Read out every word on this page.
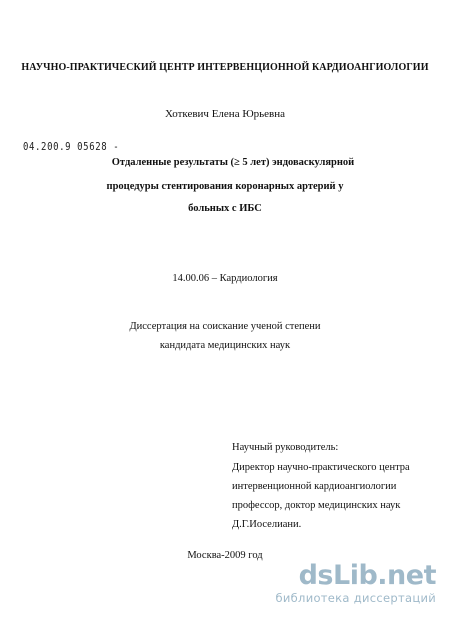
НАУЧНО-ПРАКТИЧЕСКИЙ ЦЕНТР ИНТЕРВЕНЦИОННОЙ КАРДИОАНГИОЛОГИИ
Хоткевич Елена Юрьевна
04.200.9 05628 -
Отдаленные результаты (≥ 5 лет) эндоваскулярной
процедуры стентирования коронарных артерий у
больных с ИБС
14.00.06 – Кардиология
Диссертация на соискание ученой степени
кандидата медицинских наук
Научный руководитель:
Директор научно-практического центра
интервенционной кардиоангиологии
профессор, доктор медицинских наук
Д.Г.Иоселиани.
Москва-2009 год
dsLib.net
библиотека диссертаций
